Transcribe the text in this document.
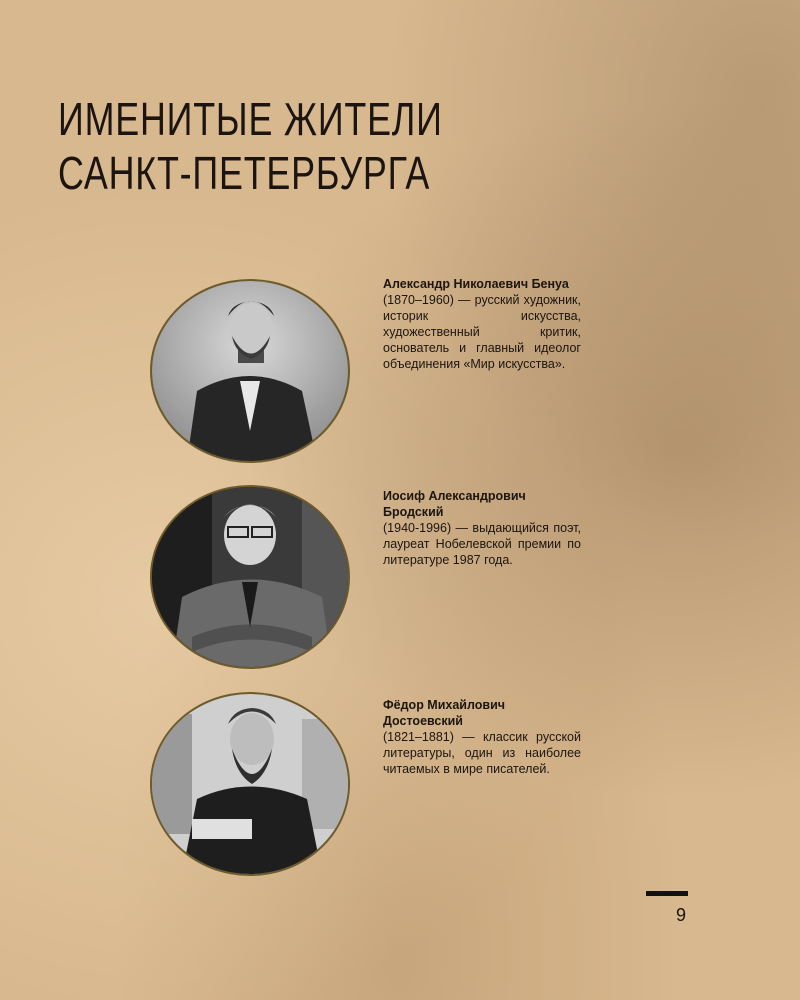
ИМЕНИТЫЕ ЖИТЕЛИ
САНКТ-ПЕТЕРБУРГА
Александр Николаевич Бенуа
(1870–1960) — русский художник, историк искусства, художественный критик, основатель и главный идеолог объединения «Мир искусства».
Иосиф Александрович Бродский
(1940-1996) — выдающийся поэт, лауреат Нобелевской премии по литературе 1987 года.
Фёдор Михайлович Достоевский
(1821–1881) — классик русской литературы, один из наиболее читаемых в мире писателей.
9
